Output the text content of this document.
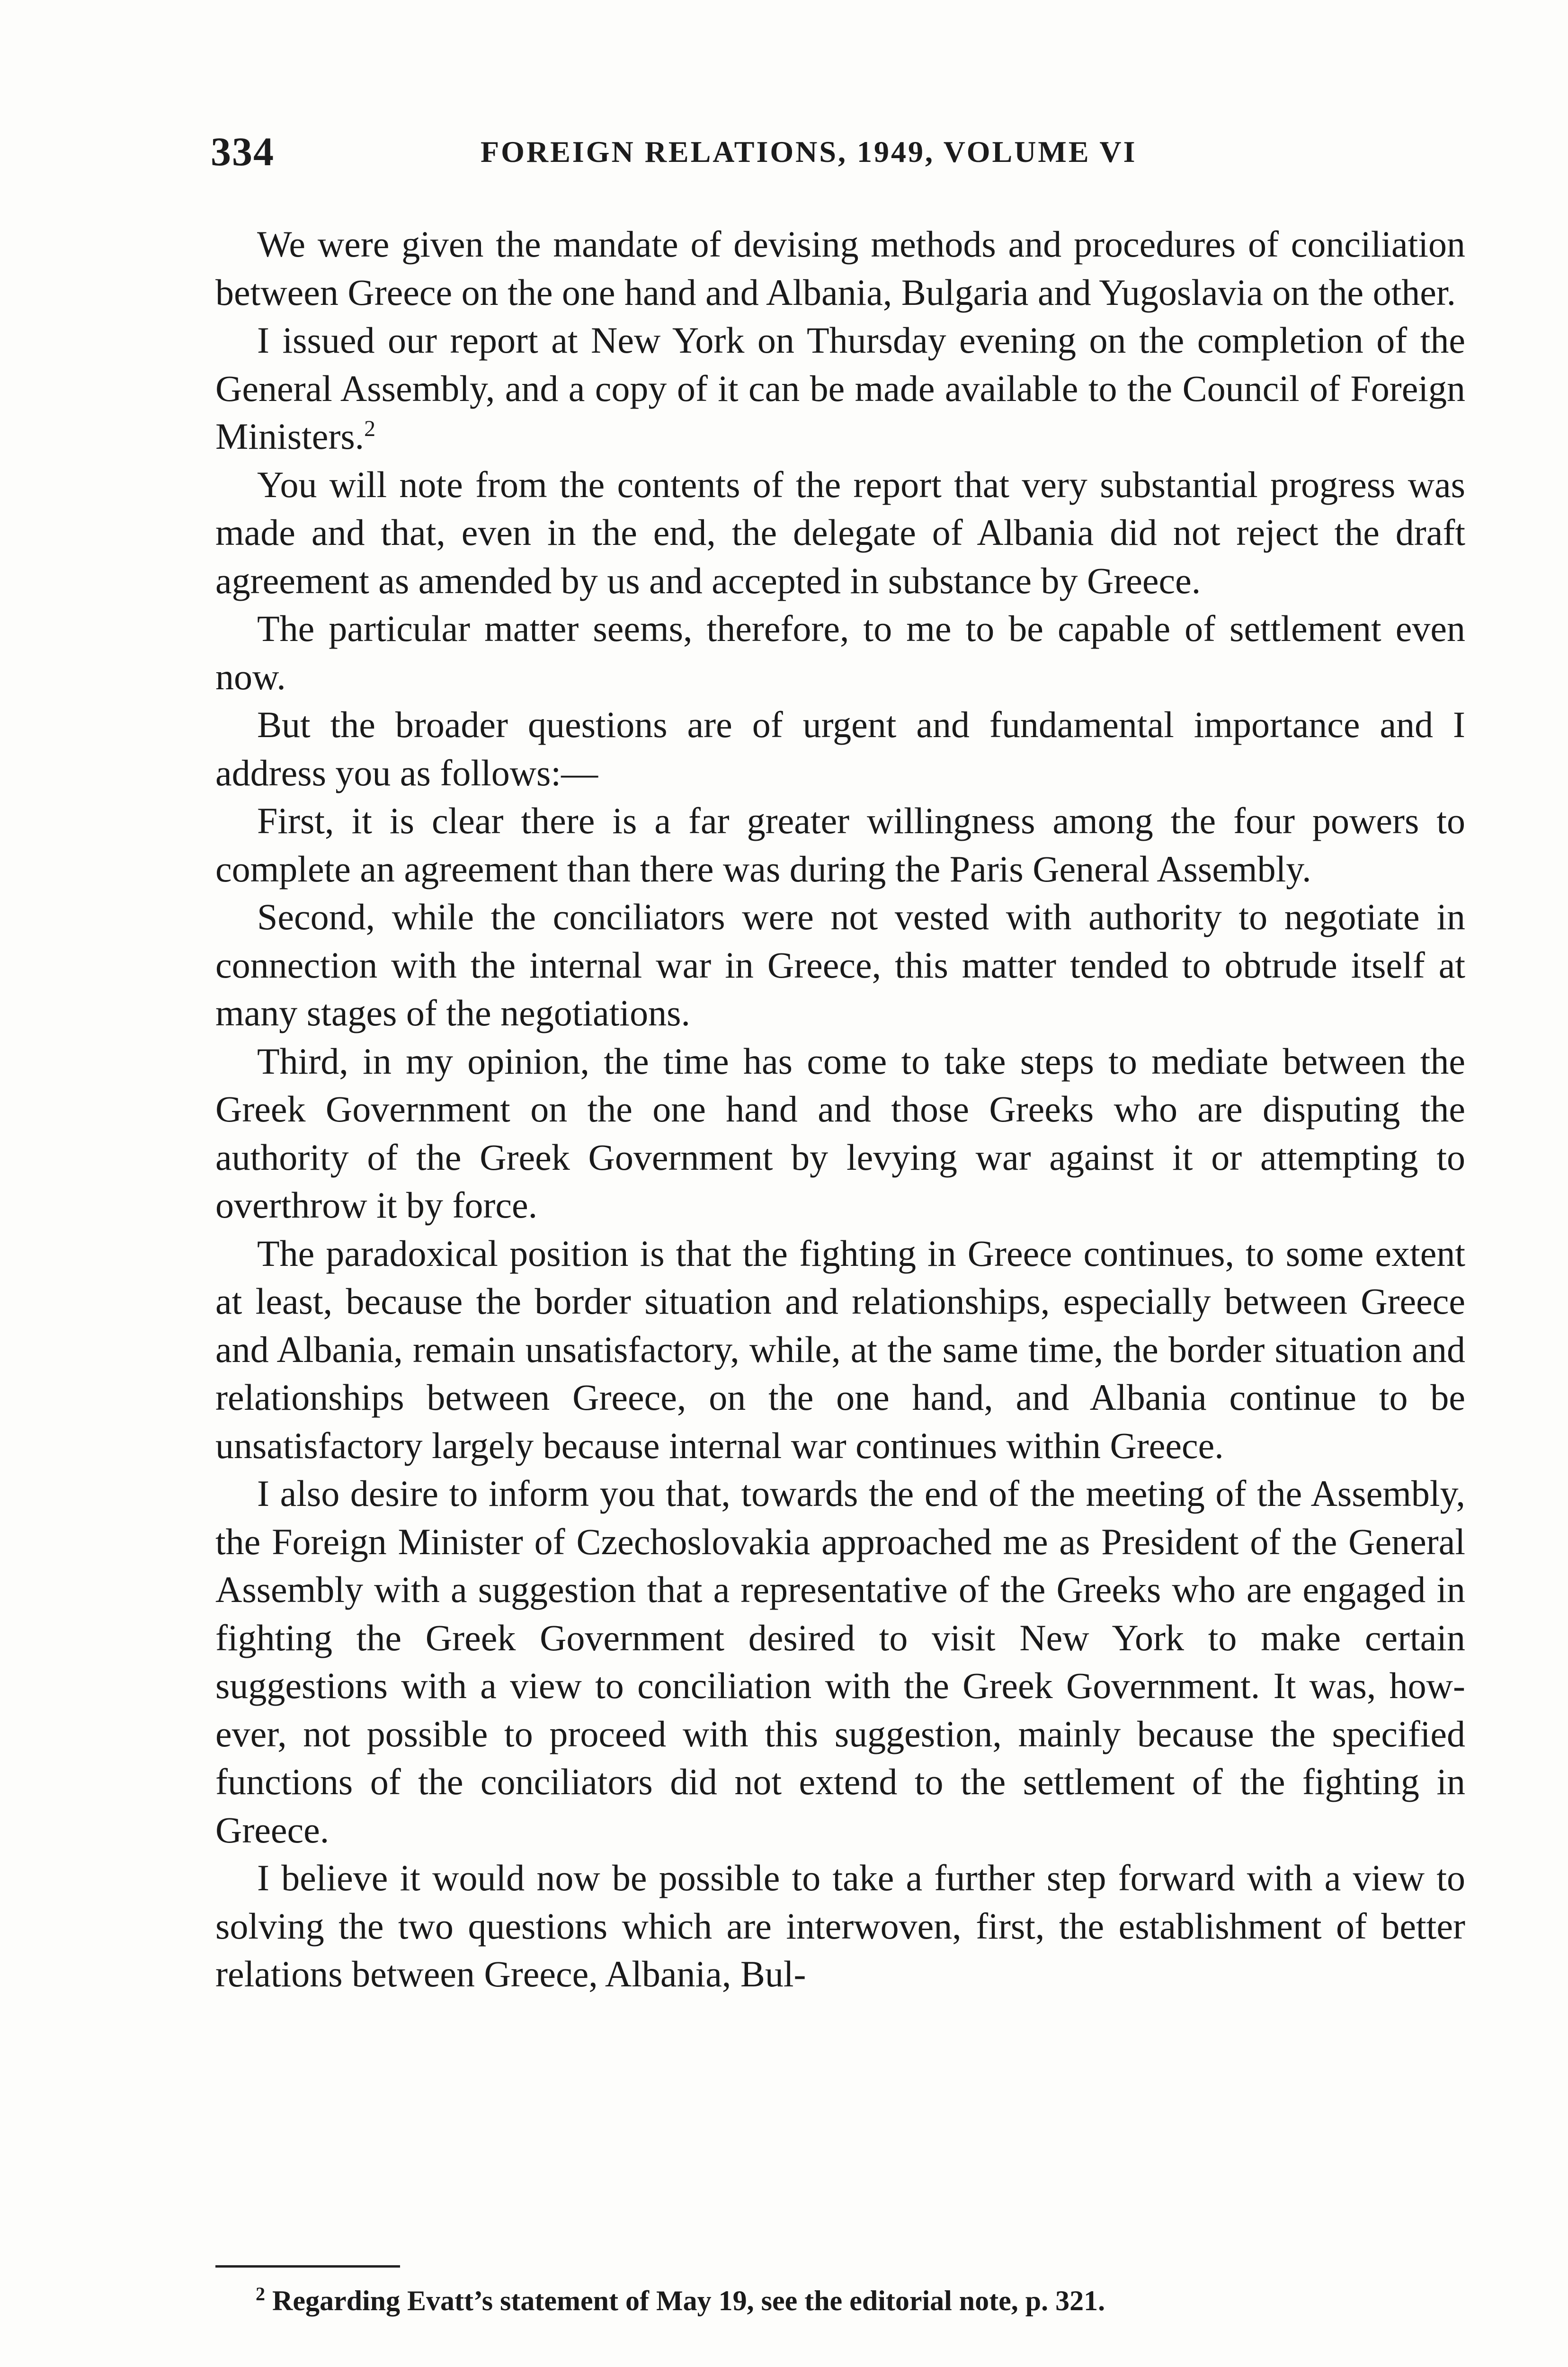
334	FOREIGN RELATIONS, 1949, VOLUME VI

We were given the mandate of devising methods and procedures of conciliation between Greece on the one hand and Albania, Bulgaria and Yugoslavia on the other.

I issued our report at New York on Thursday evening on the completion of the General Assembly, and a copy of it can be made available to the Council of Foreign Ministers.$^2$

You will note from the contents of the report that very substantial progress was made and that, even in the end, the delegate of Albania did not reject the draft agreement as amended by us and accepted in substance by Greece.

The particular matter seems, therefore, to me to be capable of settlement even now.

But the broader questions are of urgent and fundamental importance and I address you as follows:—

First, it is clear there is a far greater willingness among the four powers to complete an agreement than there was during the Paris General Assembly.

Second, while the conciliators were not vested with authority to negotiate in connection with the internal war in Greece, this matter tended to obtrude itself at many stages of the negotiations.

Third, in my opinion, the time has come to take steps to mediate between the Greek Government on the one hand and those Greeks who are disputing the authority of the Greek Government by levying war against it or attempting to overthrow it by force.

The paradoxical position is that the fighting in Greece continues, to some extent at least, because the border situation and relationships, especially between Greece and Albania, remain unsatisfactory, while, at the same time, the border situation and relationships between Greece, on the one hand, and Albania continue to be unsatisfactory largely because internal war continues within Greece.

I also desire to inform you that, towards the end of the meeting of the Assembly, the Foreign Minister of Czechoslovakia approached me as President of the General Assembly with a suggestion that a representative of the Greeks who are engaged in fighting the Greek Government desired to visit New York to make certain suggestions with a view to conciliation with the Greek Government. It was, however, not possible to proceed with this suggestion, mainly because the specified functions of the conciliators did not extend to the settlement of the fighting in Greece.

I believe it would now be possible to take a further step forward with a view to solving the two questions which are interwoven, first, the establishment of better relations between Greece, Albania, Bul-

$^2$ Regarding Evatt’s statement of May 19, see the editorial note, p. 321.
